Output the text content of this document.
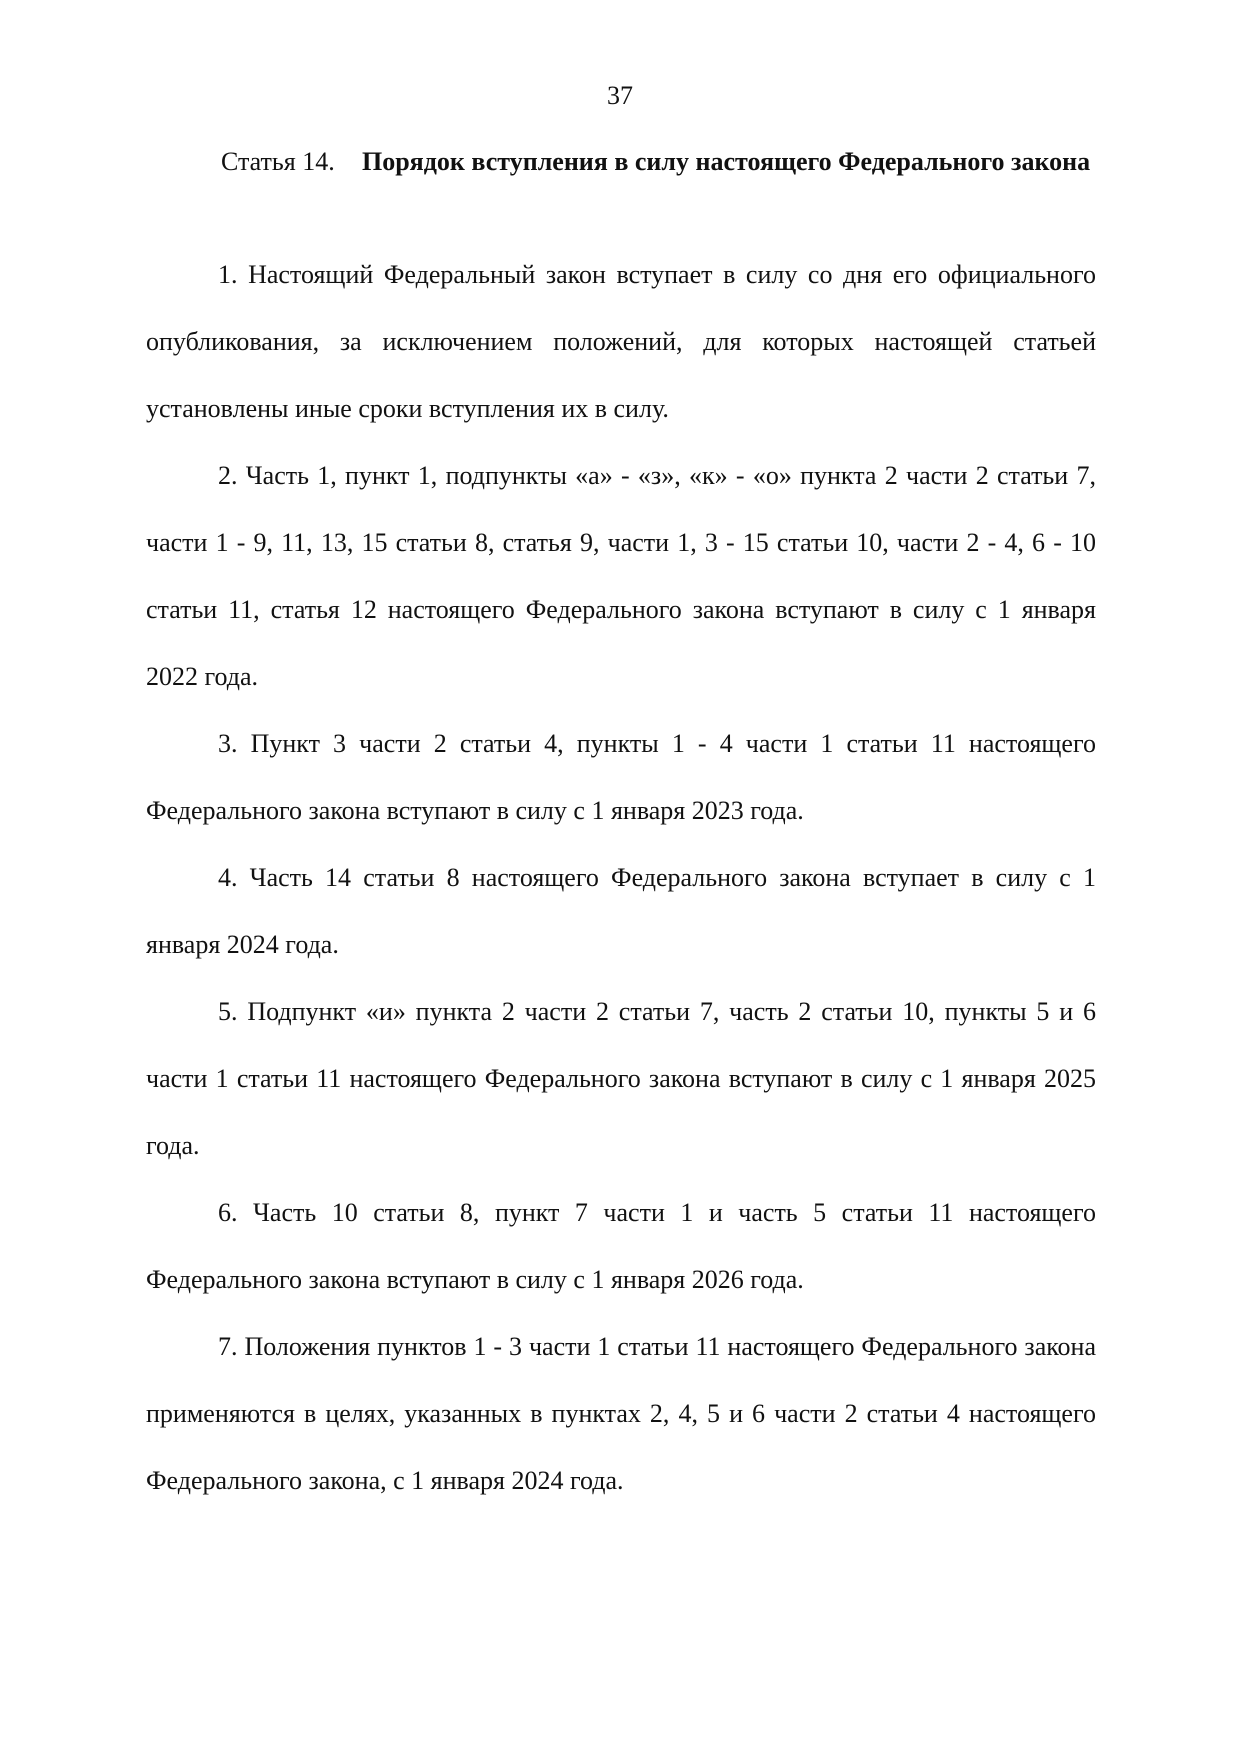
37
Статья 14.	Порядок вступления в силу настоящего Федерального закона

1. Настоящий Федеральный закон вступает в силу со дня его официального опубликования, за исключением положений, для которых настоящей статьей установлены иные сроки вступления их в силу.

2. Часть 1, пункт 1, подпункты «а» - «з», «к» - «о» пункта 2 части 2 статьи 7, части 1 - 9, 11, 13, 15 статьи 8, статья 9, части 1, 3 - 15 статьи 10, части 2 - 4, 6 - 10 статьи 11, статья 12 настоящего Федерального закона вступают в силу с 1 января 2022 года.

3. Пункт 3 части 2 статьи 4, пункты 1 - 4 части 1 статьи 11 настоящего Федерального закона вступают в силу с 1 января 2023 года.

4. Часть 14 статьи 8 настоящего Федерального закона вступает в силу с 1 января 2024 года.

5. Подпункт «и» пункта 2 части 2 статьи 7, часть 2 статьи 10, пункты 5 и 6 части 1 статьи 11 настоящего Федерального закона вступают в силу с 1 января 2025 года.

6. Часть 10 статьи 8, пункт 7 части 1 и часть 5 статьи 11 настоящего Федерального закона вступают в силу с 1 января 2026 года.

7. Положения пунктов 1 - 3 части 1 статьи 11 настоящего Федерального закона применяются в целях, указанных в пунктах 2, 4, 5 и 6 части 2 статьи 4 настоящего Федерального закона, с 1 января 2024 года.
